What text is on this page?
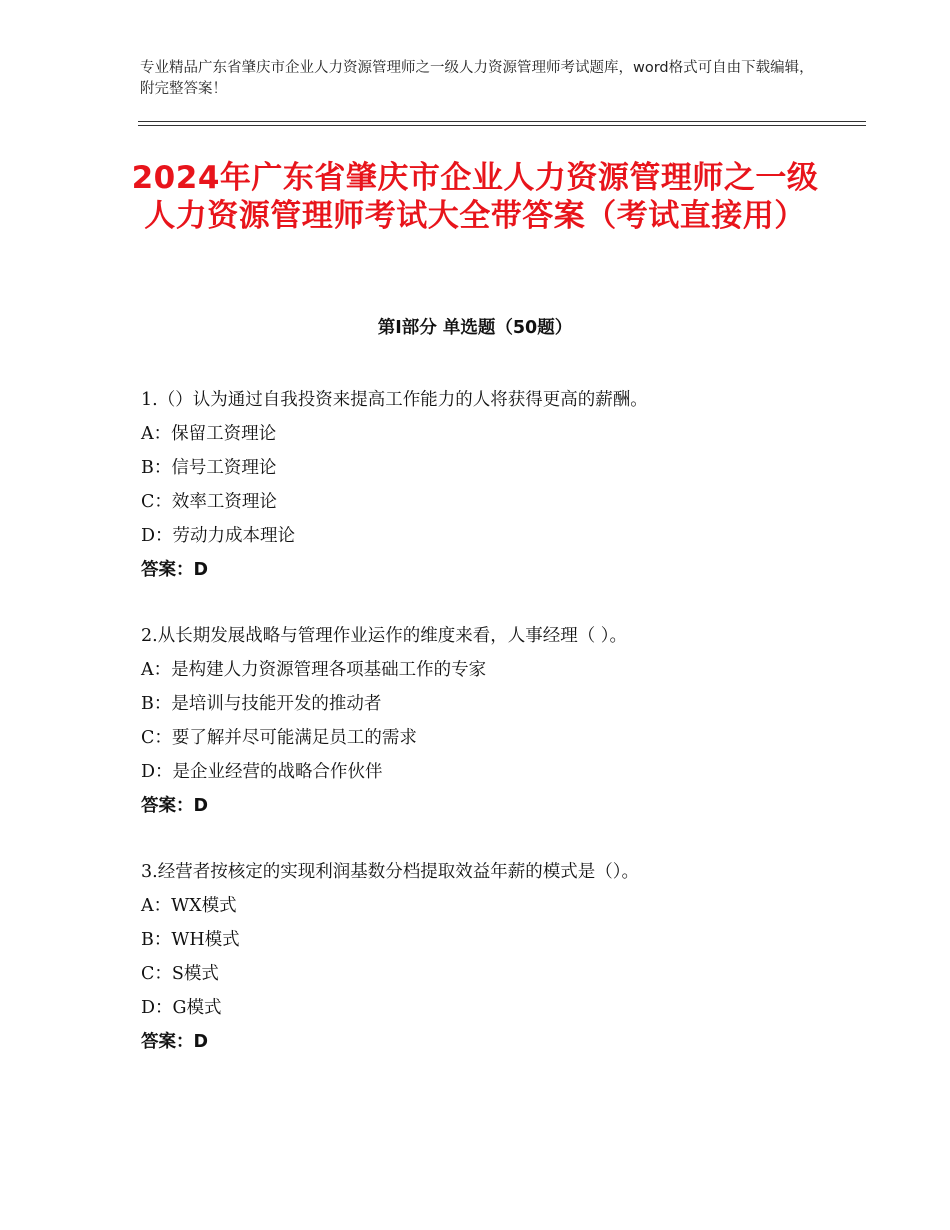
专业精品广东省肇庆市企业人力资源管理师之一级人力资源管理师考试题库，word格式可自由下载编辑，附完整答案！
2024年广东省肇庆市企业人力资源管理师之一级人力资源管理师考试大全带答案（考试直接用）
第Ⅰ部分 单选题（50题）
1.（）认为通过自我投资来提高工作能力的人将获得更高的薪酬。
A：保留工资理论
B：信号工资理论
C：效率工资理论
D：劳动力成本理论
答案：D
2.从长期发展战略与管理作业运作的维度来看，人事经理（ ）。
A：是构建人力资源管理各项基础工作的专家
B：是培训与技能开发的推动者
C：要了解并尽可能满足员工的需求
D：是企业经营的战略合作伙伴
答案：D
3.经营者按核定的实现利润基数分档提取效益年薪的模式是（）。
A：WX模式
B：WH模式
C：S模式
D：G模式
答案：D
